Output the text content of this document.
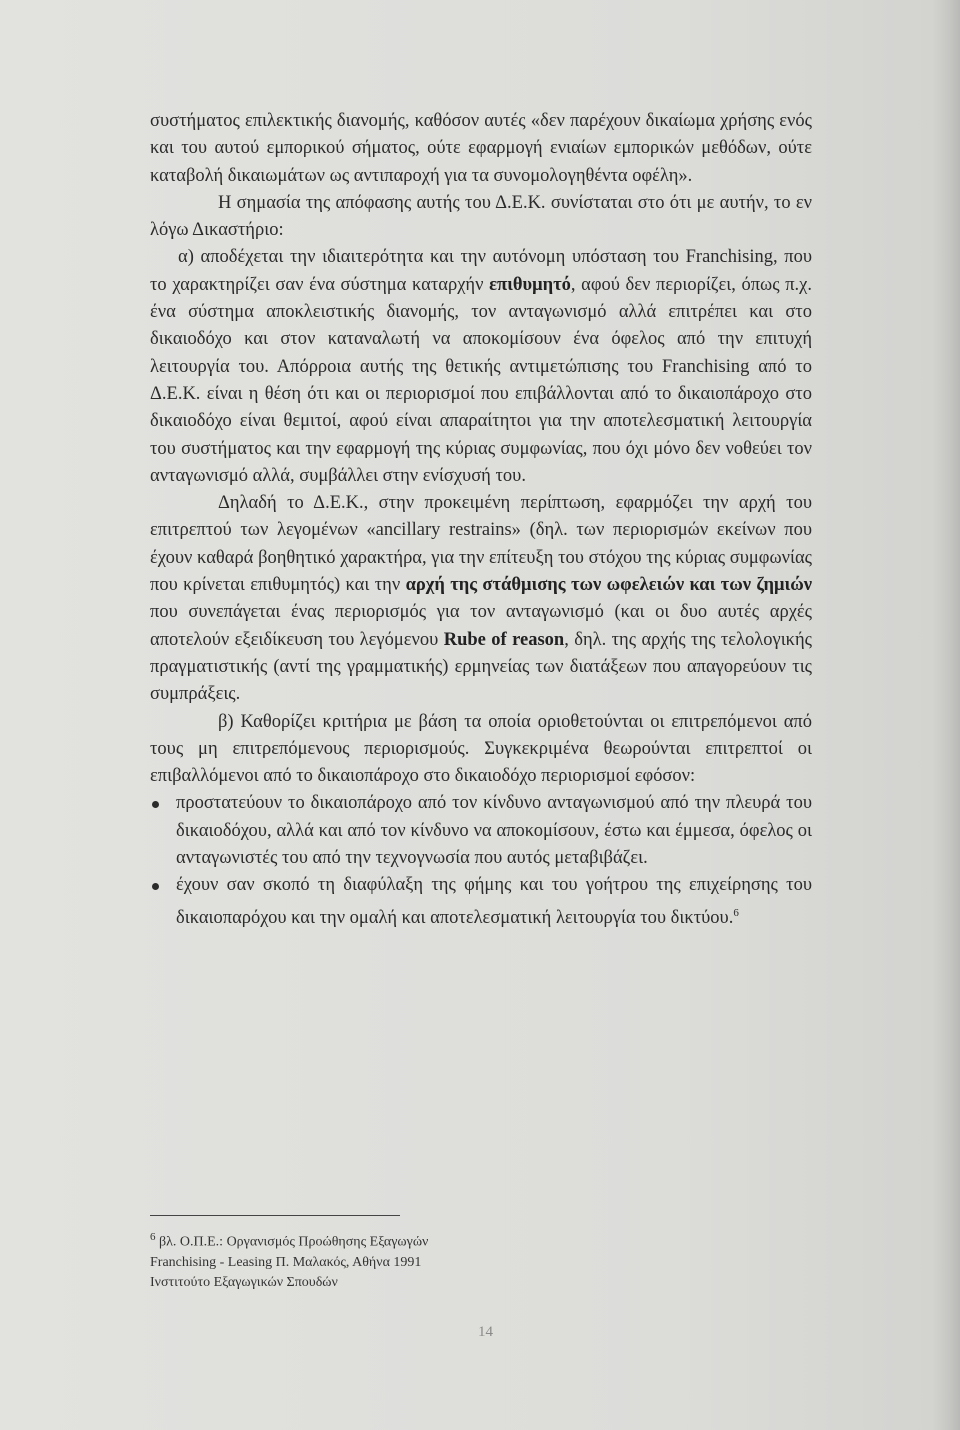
συστήματος επιλεκτικής διανομής, καθόσον αυτές «δεν παρέχουν δικαίωμα χρήσης ενός και του αυτού εμπορικού σήματος, ούτε εφαρμογή ενιαίων εμπορικών μεθόδων, ούτε καταβολή δικαιωμάτων ως αντιπαροχή για τα συνομολογηθέντα οφέλη».

Η σημασία της απόφασης αυτής του Δ.Ε.Κ. συνίσταται στο ότι με αυτήν, το εν λόγω Δικαστήριο:

α) αποδέχεται την ιδιαιτερότητα και την αυτόνομη υπόσταση του Franchising, που το χαρακτηρίζει σαν ένα σύστημα καταρχήν επιθυμητό, αφού δεν περιορίζει, όπως π.χ. ένα σύστημα αποκλειστικής διανομής, τον ανταγωνισμό αλλά επιτρέπει και στο δικαιοδόχο και στον καταναλωτή να αποκομίσουν ένα όφελος από την επιτυχή λειτουργία του. Απόρροια αυτής της θετικής αντιμετώπισης του Franchising από το Δ.Ε.Κ. είναι η θέση ότι και οι περιορισμοί που επιβάλλονται από το δικαιοπάροχο στο δικαιοδόχο είναι θεμιτοί, αφού είναι απαραίτητοι για την αποτελεσματική λειτουργία του συστήματος και την εφαρμογή της κύριας συμφωνίας, που όχι μόνο δεν νοθεύει τον ανταγωνισμό αλλά, συμβάλλει στην ενίσχυσή του.

Δηλαδή το Δ.Ε.Κ., στην προκειμένη περίπτωση, εφαρμόζει την αρχή του επιτρεπτού των λεγομένων «ancillary restrains» (δηλ. των περιορισμών εκείνων που έχουν καθαρά βοηθητικό χαρακτήρα, για την επίτευξη του στόχου της κύριας συμφωνίας που κρίνεται επιθυμητός) και την αρχή της στάθμισης των ωφελειών και των ζημιών που συνεπάγεται ένας περιορισμός για τον ανταγωνισμό (και οι δυο αυτές αρχές αποτελούν εξειδίκευση του λεγόμενου Rube of reason, δηλ. της αρχής της τελολογικής πραγματιστικής (αντί της γραμματικής) ερμηνείας των διατάξεων που απαγορεύουν τις συμπράξεις.

β) Καθορίζει κριτήρια με βάση τα οποία οριοθετούνται οι επιτρεπόμενοι από τους μη επιτρεπόμενους περιορισμούς. Συγκεκριμένα θεωρούνται επιτρεπτοί οι επιβαλλόμενοι από το δικαιοπάροχο στο δικαιοδόχο περιορισμοί εφόσον:

προστατεύουν το δικαιοπάροχο από τον κίνδυνο ανταγωνισμού από την πλευρά του δικαιοδόχου, αλλά και από τον κίνδυνο να αποκομίσουν, έστω και έμμεσα, όφελος οι ανταγωνιστές του από την τεχνογνωσία που αυτός μεταβιβάζει.
έχουν σαν σκοπό τη διαφύλαξη της φήμης και του γοήτρου της επιχείρησης του δικαιοπαρόχου και την ομαλή και αποτελεσματική λειτουργία του δικτύου.$^6$
$^6$ βλ. Ο.Π.Ε.: Οργανισμός Προώθησης Εξαγωγών
Franchising - Leasing Π. Μαλακός, Αθήνα 1991
Ινστιτούτο Εξαγωγικών Σπουδών
14
